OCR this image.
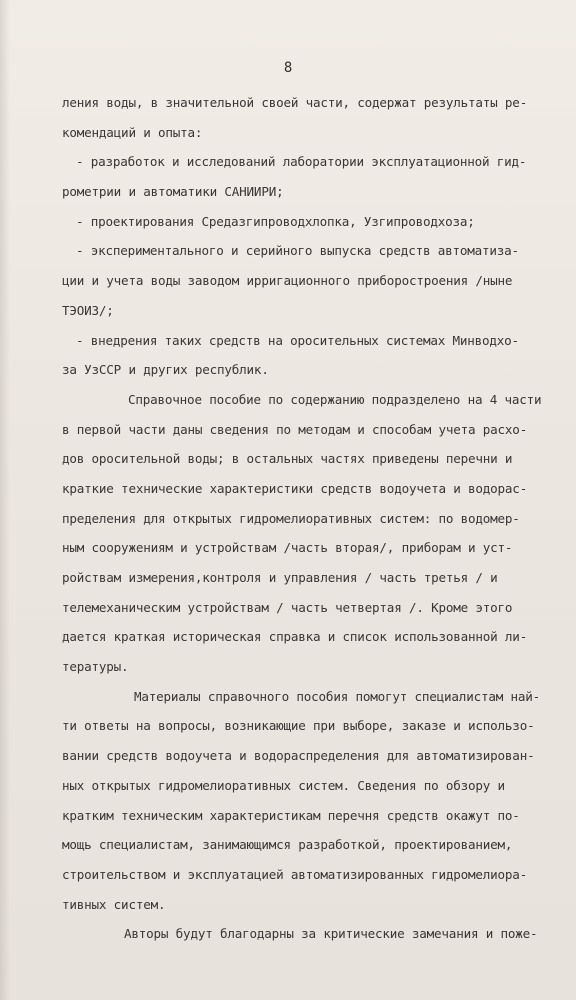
8
ления воды, в значительной своей части, содержат результаты ре-
комендаций и опыта:
- разработок и исследований лаборатории эксплуатационной гид-
рометрии и автоматики САНИИРИ;
- проектирования Средазгипроводхлопка, Узгипроводхоза;
- экспериментального и серийного выпуска средств автоматиза-
ции и учета воды заводом ирригационного приборостроения /ныне
ТЭОИЗ/;
- внедрения таких средств на оросительных системах Минводхо-
за УзССР и других республик.
Справочное пособие по содержанию подразделено на 4 части
в первой части даны сведения по методам и способам учета расхо-
дов оросительной воды; в остальных частях приведены перечни и
краткие технические характеристики средств водоучета и водорас-
пределения для открытых гидромелиоративных систем: по водомер-
ным сооружениям и устройствам /часть вторая/, приборам и уст-
ройствам измерения,контроля и управления / часть третья / и
телемеханическим устройствам / часть четвертая /. Кроме этого
дается краткая историческая справка и список использованной ли-
тературы.
Материалы справочного пособия помогут специалистам най-
ти ответы на вопросы, возникающие при выборе, заказе и использо-
вании средств водоучета и водораспределения для автоматизирован-
ных открытых гидромелиоративных систем. Сведения по обзору и
кратким техническим характеристикам перечня средств окажут по-
мощь специалистам, занимающимся разработкой, проектированием,
строительством и эксплуатацией автоматизированных гидромелиора-
тивных систем.
Авторы будут благодарны за критические замечания и поже-
